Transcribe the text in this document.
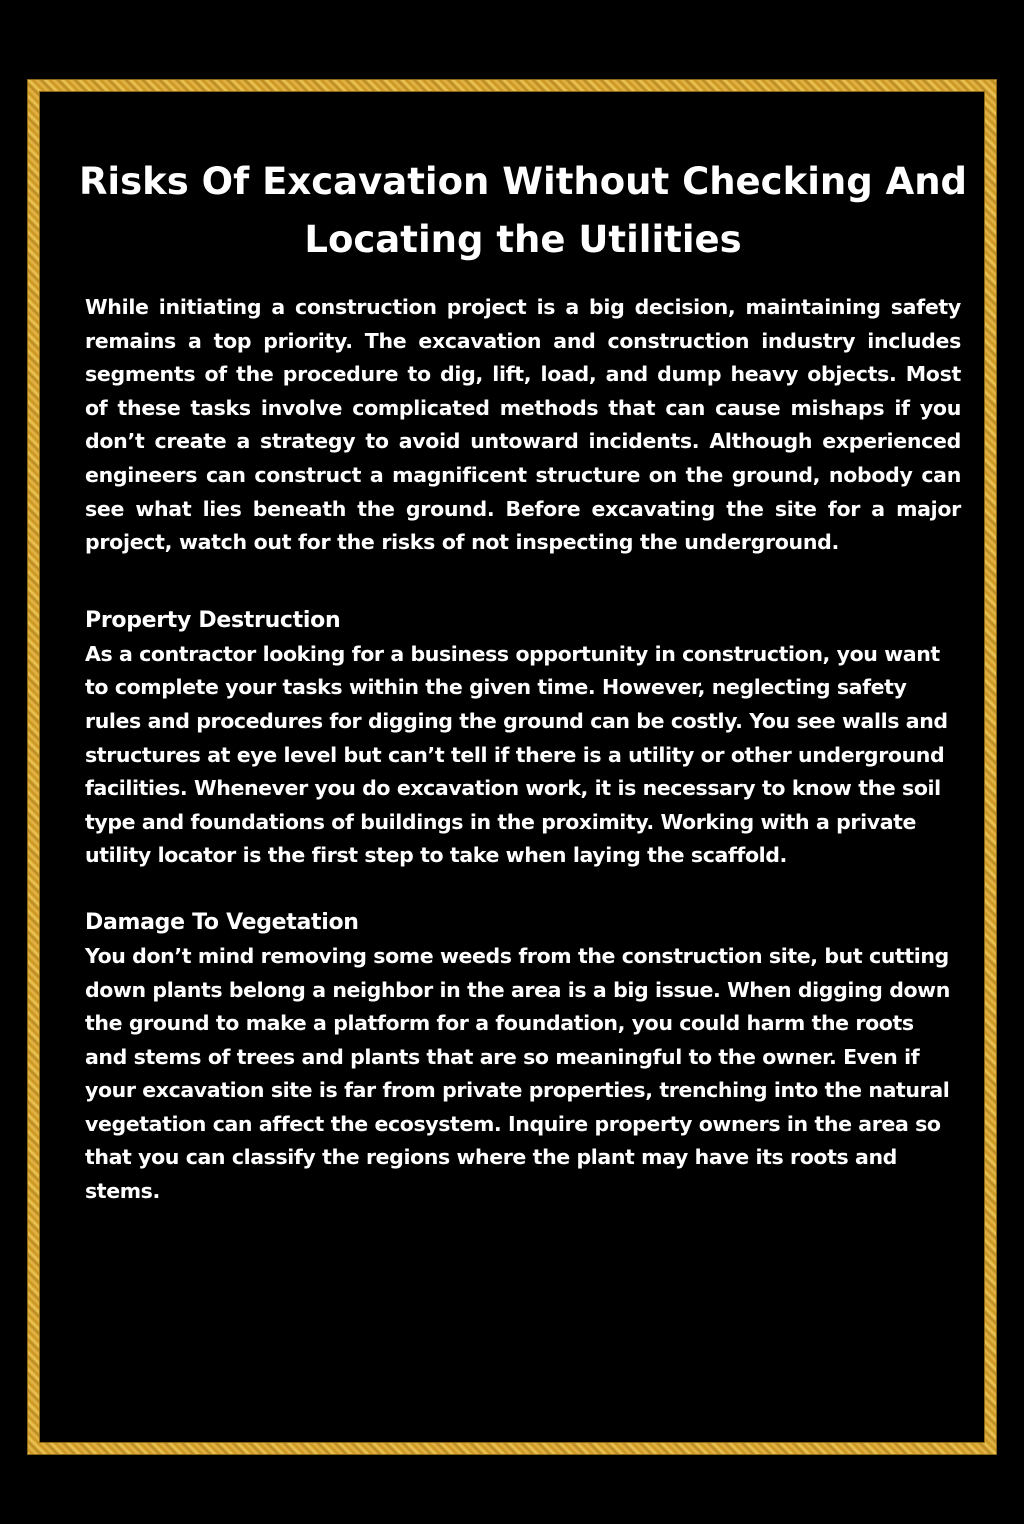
Risks Of Excavation Without Checking And Locating the Utilities

While initiating a construction project is a big decision, maintaining safety remains a top priority. The excavation and construction industry includes segments of the procedure to dig, lift, load, and dump heavy objects. Most of these tasks involve complicated methods that can cause mishaps if you don’t create a strategy to avoid untoward incidents. Although experienced engineers can construct a magnificent structure on the ground, nobody can see what lies beneath the ground. Before excavating the site for a major project, watch out for the risks of not inspecting the underground.

Property Destruction

As a contractor looking for a business opportunity in construction, you want to complete your tasks within the given time. However, neglecting safety rules and procedures for digging the ground can be costly. You see walls and structures at eye level but can’t tell if there is a utility or other underground facilities. Whenever you do excavation work, it is necessary to know the soil type and foundations of buildings in the proximity. Working with a private utility locator is the first step to take when laying the scaffold.

Damage To Vegetation

You don’t mind removing some weeds from the construction site, but cutting down plants belong a neighbor in the area is a big issue. When digging down the ground to make a platform for a foundation, you could harm the roots and stems of trees and plants that are so meaningful to the owner. Even if your excavation site is far from private properties, trenching into the natural vegetation can affect the ecosystem. Inquire property owners in the area so that you can classify the regions where the plant may have its roots and stems.
